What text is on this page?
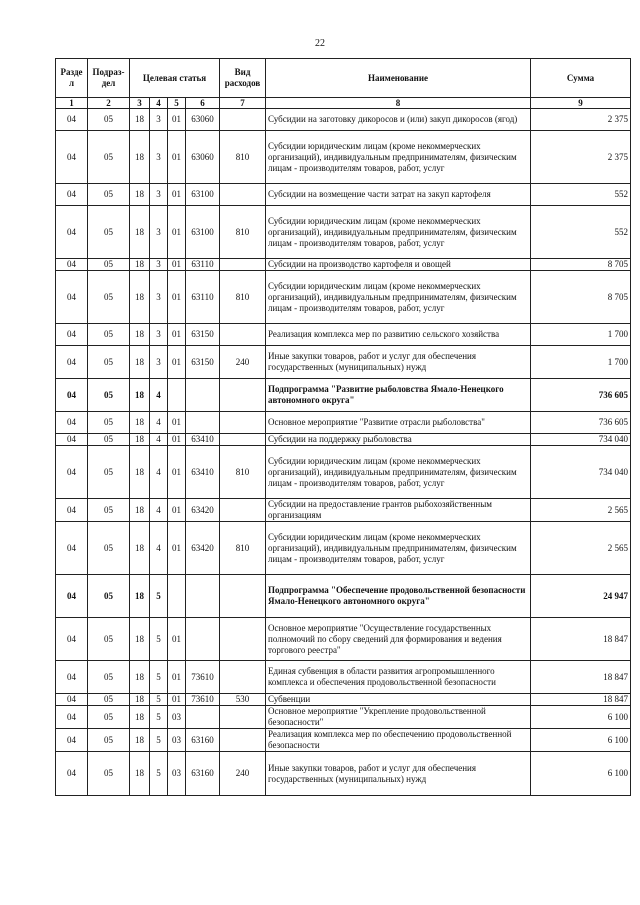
22
Разде л	Подраз- дел	Целевая статья				Вид расходов	Наименование	Сумма
1	2	3	4	5	6	7	8	9
04	05	18	3	01	63060		Субсидии на заготовку дикоросов и (или) закуп дикоросов (ягод)	2 375
04	05	18	3	01	63060	810	Субсидии юридическим лицам (кроме некоммерческих организаций), индивидуальным предпринимателям, физическим лицам - производителям товаров, работ, услуг	2 375
04	05	18	3	01	63100		Субсидии на возмещение части затрат на закуп картофеля	552
04	05	18	3	01	63100	810	Субсидии юридическим лицам (кроме некоммерческих организаций), индивидуальным предпринимателям, физическим лицам - производителям товаров, работ, услуг	552
04	05	18	3	01	63110		Субсидии на производство картофеля и овощей	8 705
04	05	18	3	01	63110	810	Субсидии юридическим лицам (кроме некоммерческих организаций), индивидуальным предпринимателям, физическим лицам - производителям товаров, работ, услуг	8 705
04	05	18	3	01	63150		Реализация комплекса мер по развитию сельского хозяйства	1 700
04	05	18	3	01	63150	240	Иные закупки товаров, работ и услуг для обеспечения государственных (муниципальных) нужд	1 700
04	05	18	4				Подпрограмма "Развитие рыболовства Ямало-Ненецкого автономного округа"	736 605
04	05	18	4	01			Основное мероприятие "Развитие отрасли рыболовства"	736 605
04	05	18	4	01	63410		Субсидии на поддержку рыболовства	734 040
04	05	18	4	01	63410	810	Субсидии юридическим лицам (кроме некоммерческих организаций), индивидуальным предпринимателям, физическим лицам - производителям товаров, работ, услуг	734 040
04	05	18	4	01	63420		Субсидии на предоставление грантов рыбохозяйственным организациям	2 565
04	05	18	4	01	63420	810	Субсидии юридическим лицам (кроме некоммерческих организаций), индивидуальным предпринимателям, физическим лицам - производителям товаров, работ, услуг	2 565
04	05	18	5				Подпрограмма "Обеспечение продовольственной безопасности Ямало-Ненецкого автономного округа"	24 947
04	05	18	5	01			Основное мероприятие "Осуществление государственных полномочий по сбору сведений для формирования и ведения торгового реестра"	18 847
04	05	18	5	01	73610		Единая субвенция в области развития агропромышленного комплекса и обеспечения продовольственной безопасности	18 847
04	05	18	5	01	73610	530	Субвенции	18 847
04	05	18	5	03			Основное мероприятие "Укрепление продовольственной безопасности"	6 100
04	05	18	5	03	63160		Реализация комплекса мер по обеспечению продовольственной безопасности	6 100
04	05	18	5	03	63160	240	Иные закупки товаров, работ и услуг для обеспечения государственных (муниципальных) нужд	6 100
